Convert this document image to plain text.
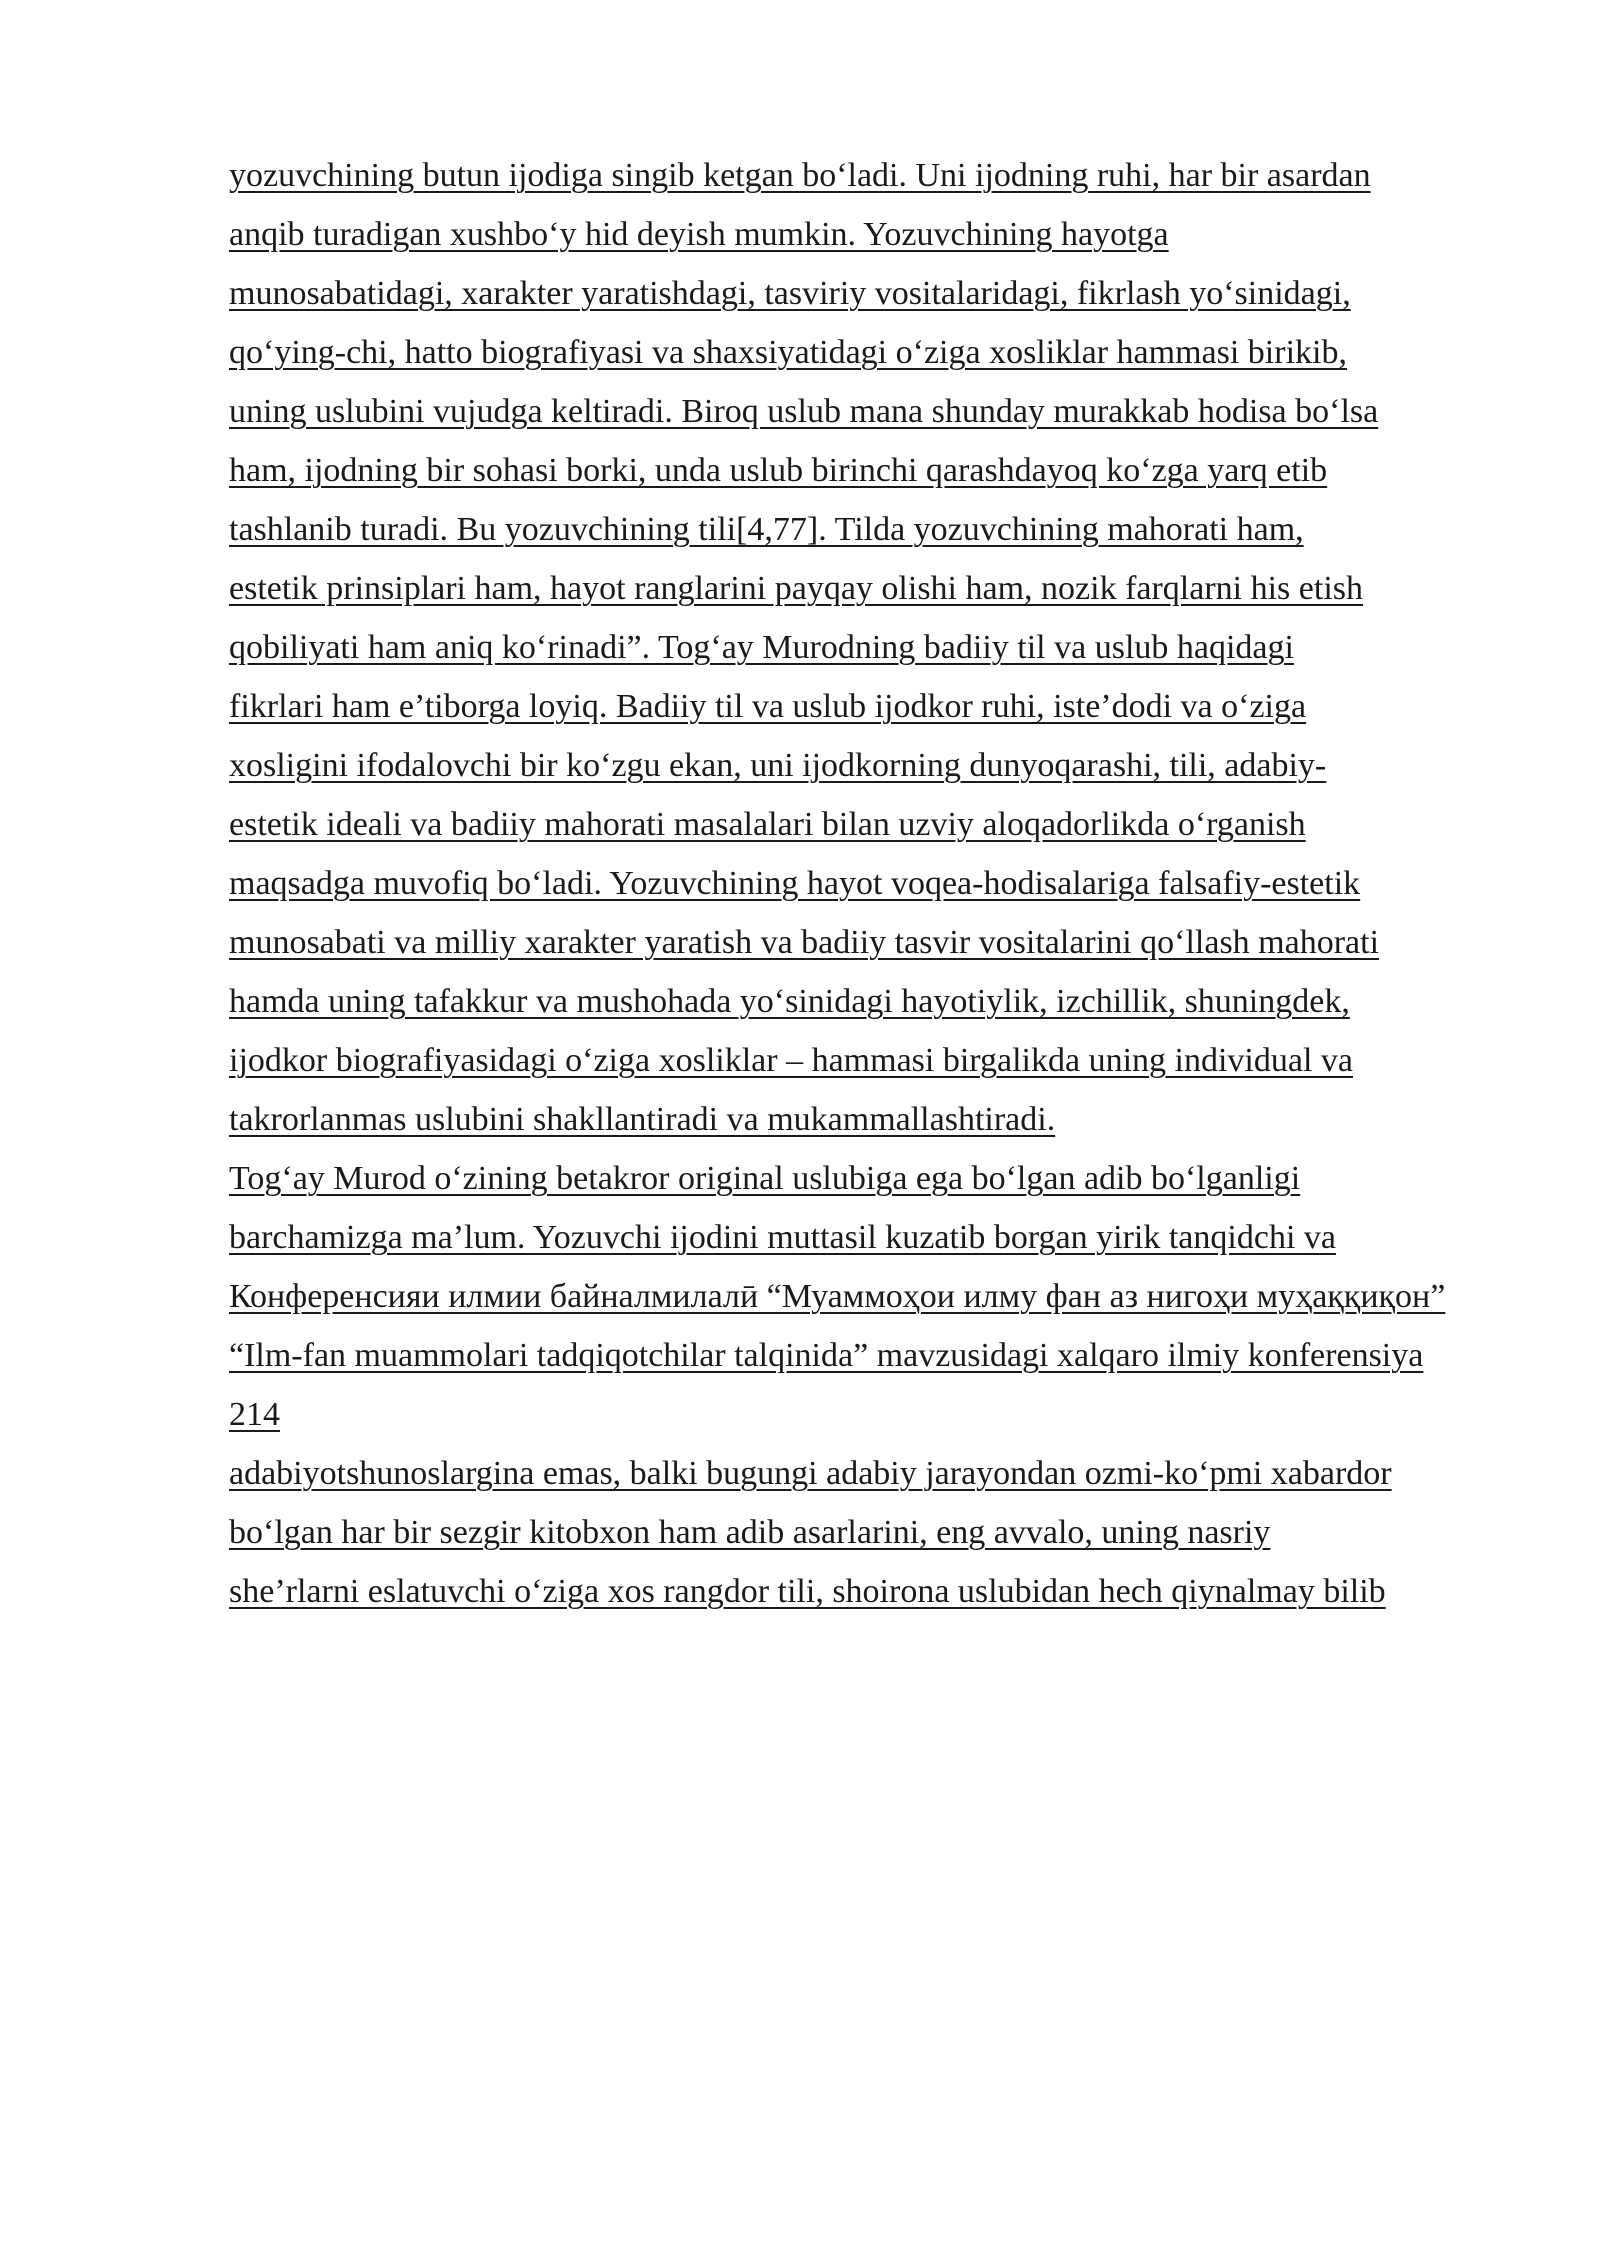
yozuvchining butun ijodiga singib ketgan bo‘ladi. Uni ijodning ruhi, har bir asardan
anqib turadigan xushbo‘y hid deyish mumkin. Yozuvchining hayotga
munosabatidagi, xarakter yaratishdagi, tasviriy vositalaridagi, fikrlash yo‘sinidagi,
qo‘ying-chi, hatto biografiyasi va shaxsiyatidagi o‘ziga xosliklar hammasi birikib,
uning uslubini vujudga keltiradi. Biroq uslub mana shunday murakkab hodisa bo‘lsa
ham, ijodning bir sohasi borki, unda uslub birinchi qarashdayoq ko‘zga yarq etib
tashlanib turadi. Bu yozuvchining tili[4,77]. Tilda yozuvchining mahorati ham,
estetik prinsiplari ham, hayot ranglarini payqay olishi ham, nozik farqlarni his etish
qobiliyati ham aniq ko‘rinadi”. Tog‘ay Murodning badiiy til va uslub haqidagi
fikrlari ham e’tiborga loyiq. Badiiy til va uslub ijodkor ruhi, iste’dodi va o‘ziga
xosligini ifodalovchi bir ko‘zgu ekan, uni ijodkorning dunyoqarashi, tili, adabiy-
estetik ideali va badiiy mahorati masalalari bilan uzviy aloqadorlikda o‘rganish
maqsadga muvofiq bo‘ladi. Yozuvchining hayot voqea-hodisalariga falsafiy-estetik
munosabati va milliy xarakter yaratish va badiiy tasvir vositalarini qo‘llash mahorati
hamda uning tafakkur va mushohada yo‘sinidagi hayotiylik, izchillik, shuningdek,
ijodkor biografiyasidagi o‘ziga xosliklar – hammasi birgalikda uning individual va
takrorlanmas uslubini shakllantiradi va mukammallashtiradi.
Tog‘ay Murod o‘zining betakror original uslubiga ega bo‘lgan adib bo‘lganligi
barchamizga ma’lum. Yozuvchi ijodini muttasil kuzatib borgan yirik tanqidchi va
Конференсияи илмии байналмилалӣ “Муаммоҳои илму фан аз нигоҳи муҳаққиқон”
“Ilm-fan muammolari tadqiqotchilar talqinida” mavzusidagi xalqaro ilmiy konferensiya
214
adabiyotshunoslargina emas, balki bugungi adabiy jarayondan ozmi-ko‘pmi xabardor
bo‘lgan har bir sezgir kitobxon ham adib asarlarini, eng avvalo, uning nasriy
she’rlarni eslatuvchi o‘ziga xos rangdor tili, shoirona uslubidan hech qiynalmay bilib
